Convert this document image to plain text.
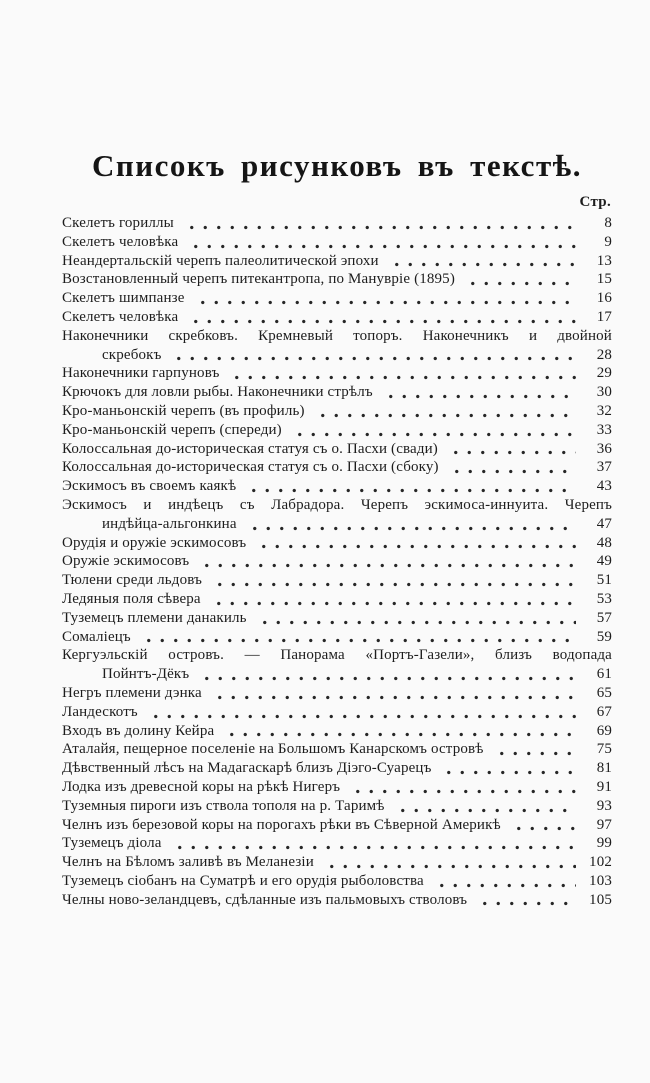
Списокъ рисунковъ въ текстѣ.
Стр.
Скелетъ гориллы	8
Скелетъ человѣка	9
Неандертальскій черепъ палеолитической эпохи	13
Возстановленный черепъ питекантропа, по Манувріе (1895)	15
Скелетъ шимпанзе	16
Скелетъ человѣка	17
Наконечники скребковъ. Кремневый топоръ. Наконечникъ и двойной
скребокъ	28
Наконечники гарпуновъ	29
Крючокъ для ловли рыбы. Наконечники стрѣлъ	30
Кро-маньонскій черепъ (въ профиль)	32
Кро-маньонскій черепъ (спереди)	33
Колоссальная до-историческая статуя съ о. Пасхи (свади)	36
Колоссальная до-историческая статуя съ о. Пасхи (сбоку)	37
Эскимосъ въ своемъ каякѣ	43
Эскимосъ и индѣецъ съ Лабрадора. Черепъ эскимоса-иннуита. Черепъ
индѣйца-альгонкина	47
Орудія и оружіе эскимосовъ	48
Оружіе эскимосовъ	49
Тюлени среди льдовъ	51
Ледяныя поля сѣвера	53
Туземецъ племени данакиль	57
Сомаліецъ	59
Кергуэльскій островъ. — Панорама «Портъ-Газели», близъ водопада
Пойнтъ-Дёкъ	61
Негръ племени дэнка	65
Ландескотъ	67
Входъ въ долину Кейра	69
Аталайя, пещерное поселеніе на Большомъ Канарскомъ островѣ	75
Дѣвственный лѣсъ на Мадагаскарѣ близъ Діэго-Суарецъ	81
Лодка изъ древесной коры на рѣкѣ Нигеръ	91
Туземныя пироги изъ ствола тополя на р. Таримѣ	93
Челнъ изъ березовой коры на порогахъ рѣки въ Сѣверной Америкѣ	97
Туземецъ діола	99
Челнъ на Бѣломъ заливѣ въ Меланезіи	102
Туземецъ сіобанъ на Суматрѣ и его орудія рыболовства	103
Челны ново-зеландцевъ, сдѣланные изъ пальмовыхъ стволовъ	105
